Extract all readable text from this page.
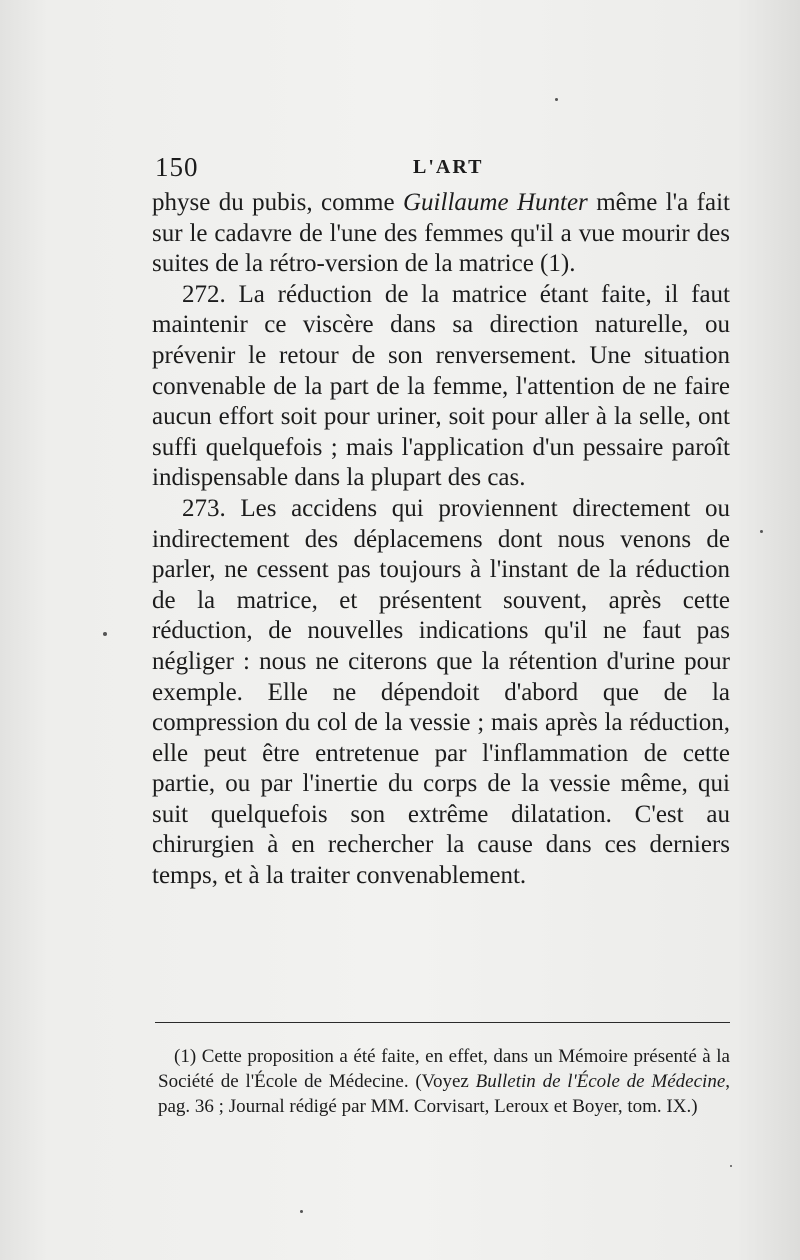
150	L'ART

physe du pubis, comme Guillaume Hunter même l'a fait sur le cadavre de l'une des femmes qu'il a vue mourir des suites de la rétro-version de la matrice (1).

272. La réduction de la matrice étant faite, il faut maintenir ce viscère dans sa direction naturelle, ou prévenir le retour de son renversement. Une situation convenable de la part de la femme, l'attention de ne faire aucun effort soit pour uriner, soit pour aller à la selle, ont suffi quelquefois ; mais l'application d'un pessaire paroît indispensable dans la plupart des cas.

273. Les accidens qui proviennent directement ou indirectement des déplacemens dont nous venons de parler, ne cessent pas toujours à l'instant de la réduction de la matrice, et présentent souvent, après cette réduction, de nouvelles indications qu'il ne faut pas négliger : nous ne citerons que la rétention d'urine pour exemple. Elle ne dépendoit d'abord que de la compression du col de la vessie ; mais après la réduction, elle peut être entretenue par l'inflammation de cette partie, ou par l'inertie du corps de la vessie même, qui suit quelquefois son extrême dilatation. C'est au chirurgien à en rechercher la cause dans ces derniers temps, et à la traiter convenablement.

(1) Cette proposition a été faite, en effet, dans un Mémoire présenté à la Société de l'École de Médecine. (Voyez Bulletin de l'École de Médecine, pag. 36 ; Journal rédigé par MM. Corvisart, Leroux et Boyer, tom. IX.)
